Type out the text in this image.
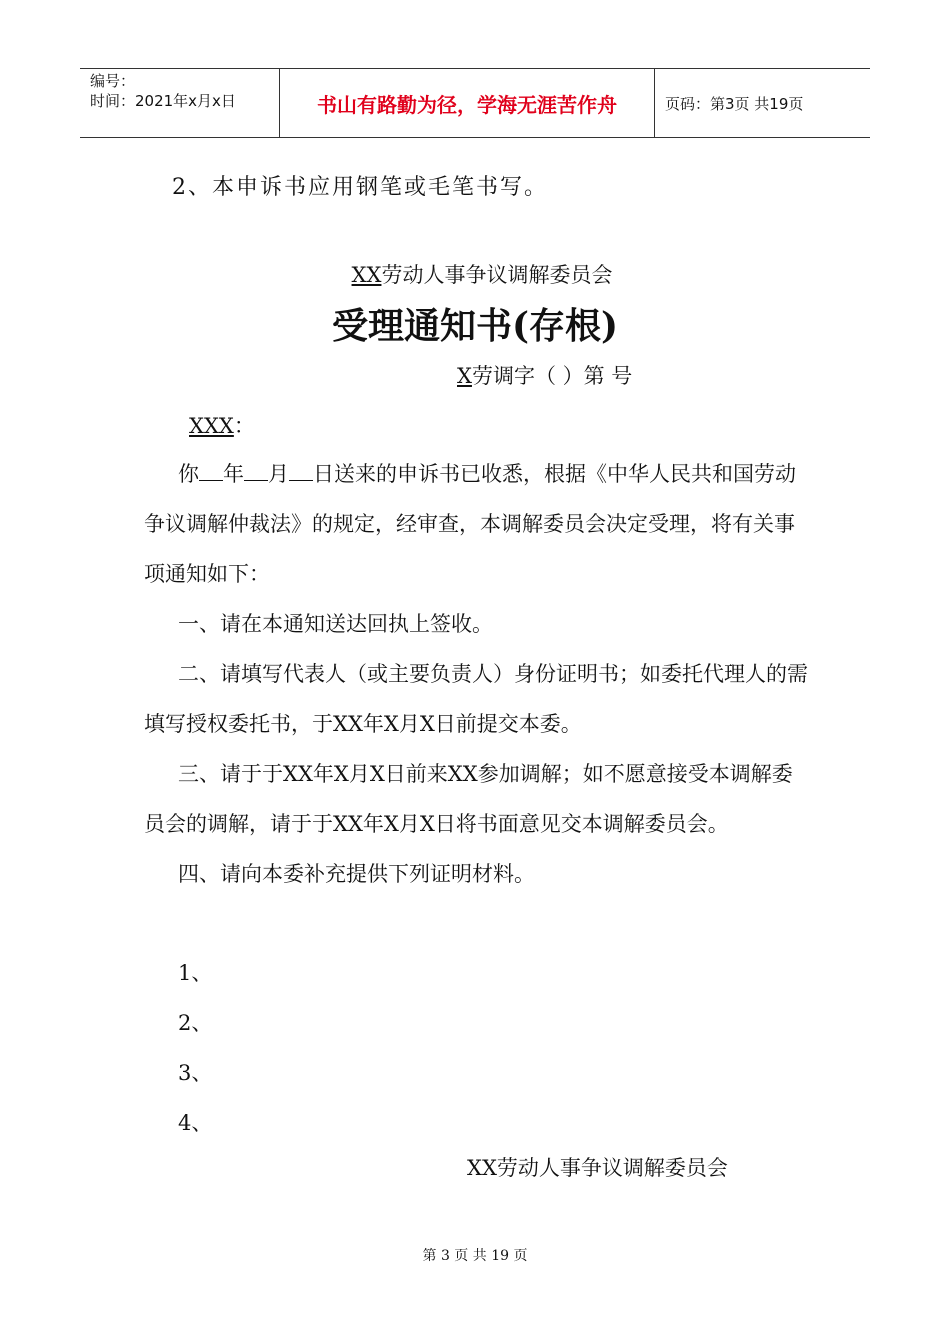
编号：
时间：2021年x月x日	书山有路勤为径，学海无涯苦作舟	页码：第3页 共19页
2、本申诉书应用钢笔或毛笔书写。
XX劳动人事争议调解委员会
受理通知书(存根)
X劳调字（ ）第 号
XXX：

你 年 月 日送来的申诉书已收悉，根据《中华人民共和国劳动争议调解仲裁法》的规定，经审查，本调解委员会决定受理，将有关事项通知如下：

一、请在本通知送达回执上签收。

二、请填写代表人（或主要负责人）身份证明书；如委托代理人的需填写授权委托书，于XX年X月X日前提交本委。

三、请于于XX年X月X日前来XX参加调解；如不愿意接受本调解委员会的调解，请于于XX年X月X日将书面意见交本调解委员会。

四、请向本委补充提供下列证明材料。

1、
2、
3、
4、
XX劳动人事争议调解委员会
第 3 页 共 19 页
